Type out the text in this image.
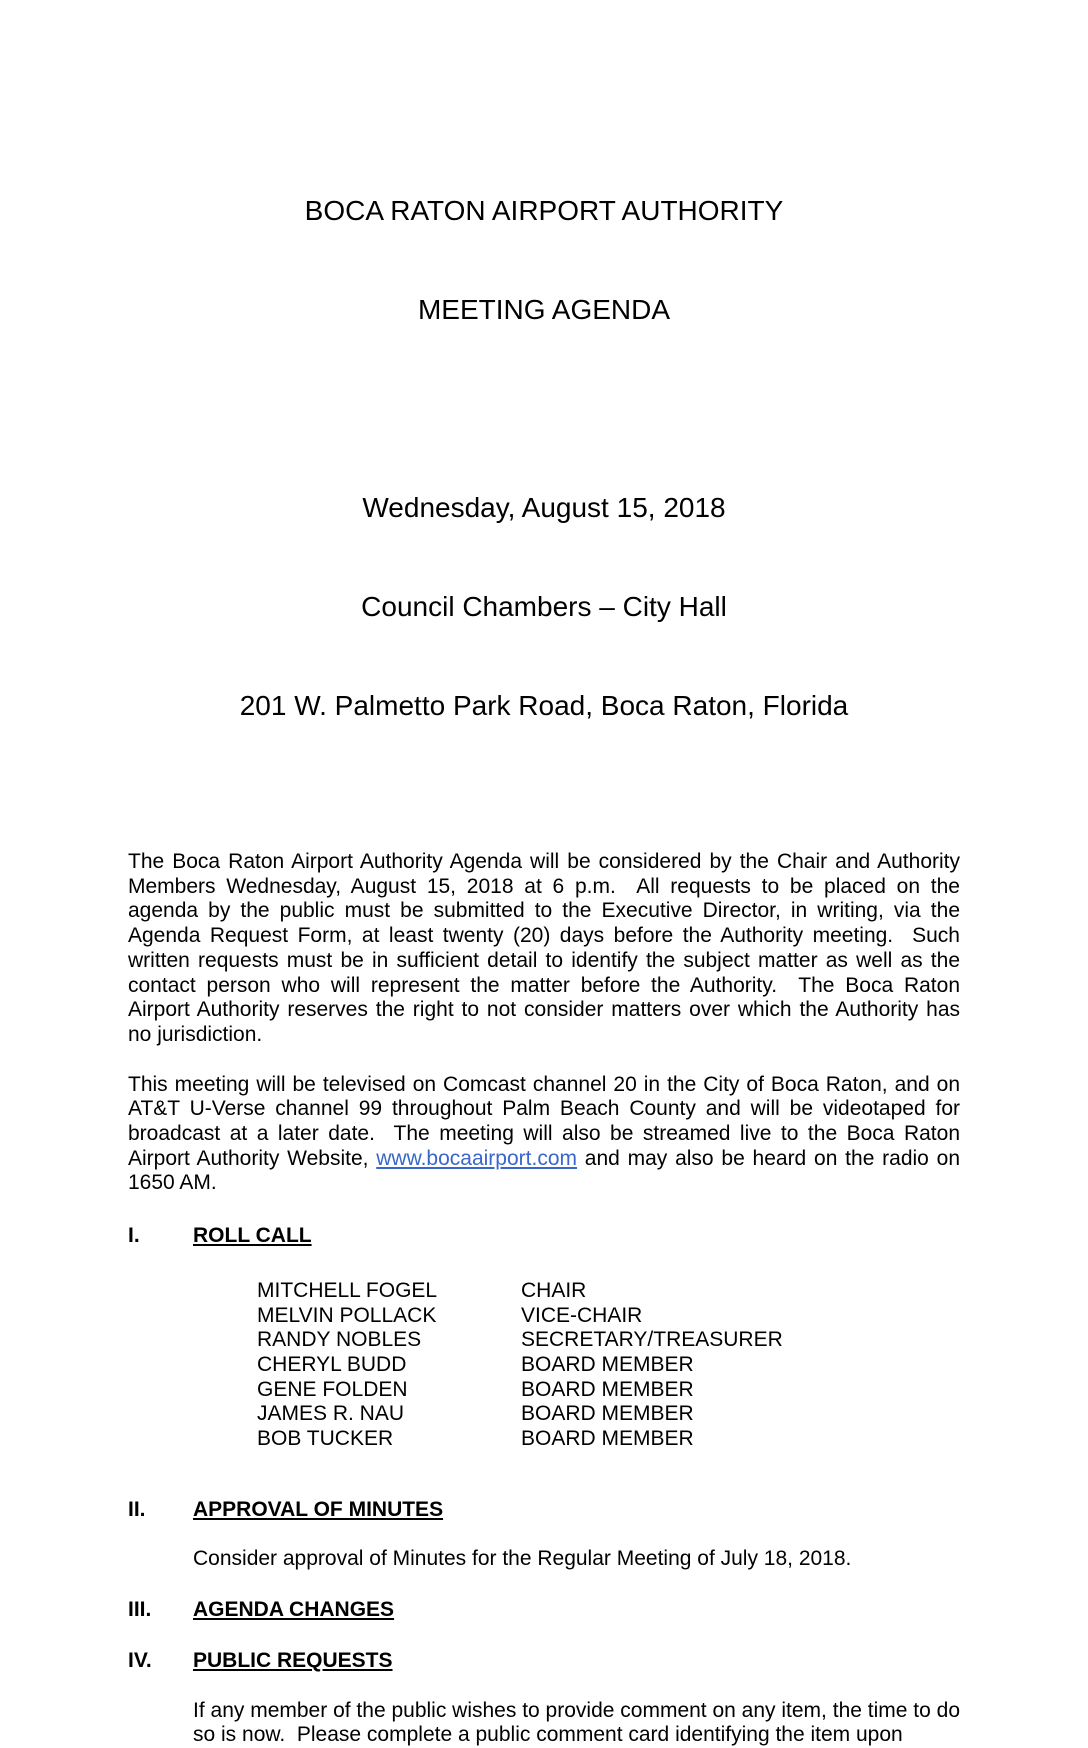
BOCA RATON AIRPORT AUTHORITY

MEETING AGENDA

Wednesday, August 15, 2018

Council Chambers – City Hall

201 W. Palmetto Park Road, Boca Raton, Florida

The Boca Raton Airport Authority Agenda will be considered by the Chair and Authority Members Wednesday, August 15, 2018 at 6 p.m.  All requests to be placed on the agenda by the public must be submitted to the Executive Director, in writing, via the Agenda Request Form, at least twenty (20) days before the Authority meeting.  Such written requests must be in sufficient detail to identify the subject matter as well as the contact person who will represent the matter before the Authority.  The Boca Raton Airport Authority reserves the right to not consider matters over which the Authority has no jurisdiction.
This meeting will be televised on Comcast channel 20 in the City of Boca Raton, and on AT&T U-Verse channel 99 throughout Palm Beach County and will be videotaped for broadcast at a later date.  The meeting will also be streamed live to the Boca Raton Airport Authority Website, www.bocaairport.com and may also be heard on the radio on 1650 AM.
I.	ROLL CALL
MITCHELL FOGEL	CHAIR
MELVIN POLLACK	VICE-CHAIR
RANDY NOBLES	SECRETARY/TREASURER
CHERYL BUDD	BOARD MEMBER
GENE FOLDEN	BOARD MEMBER
JAMES R. NAU	BOARD MEMBER
BOB TUCKER	BOARD MEMBER
II.	APPROVAL OF MINUTES
Consider approval of Minutes for the Regular Meeting of July 18, 2018.
III.	AGENDA CHANGES
IV.	PUBLIC REQUESTS
If any member of the public wishes to provide comment on any item, the time to do so is now.  Please complete a public comment card identifying the item upon
